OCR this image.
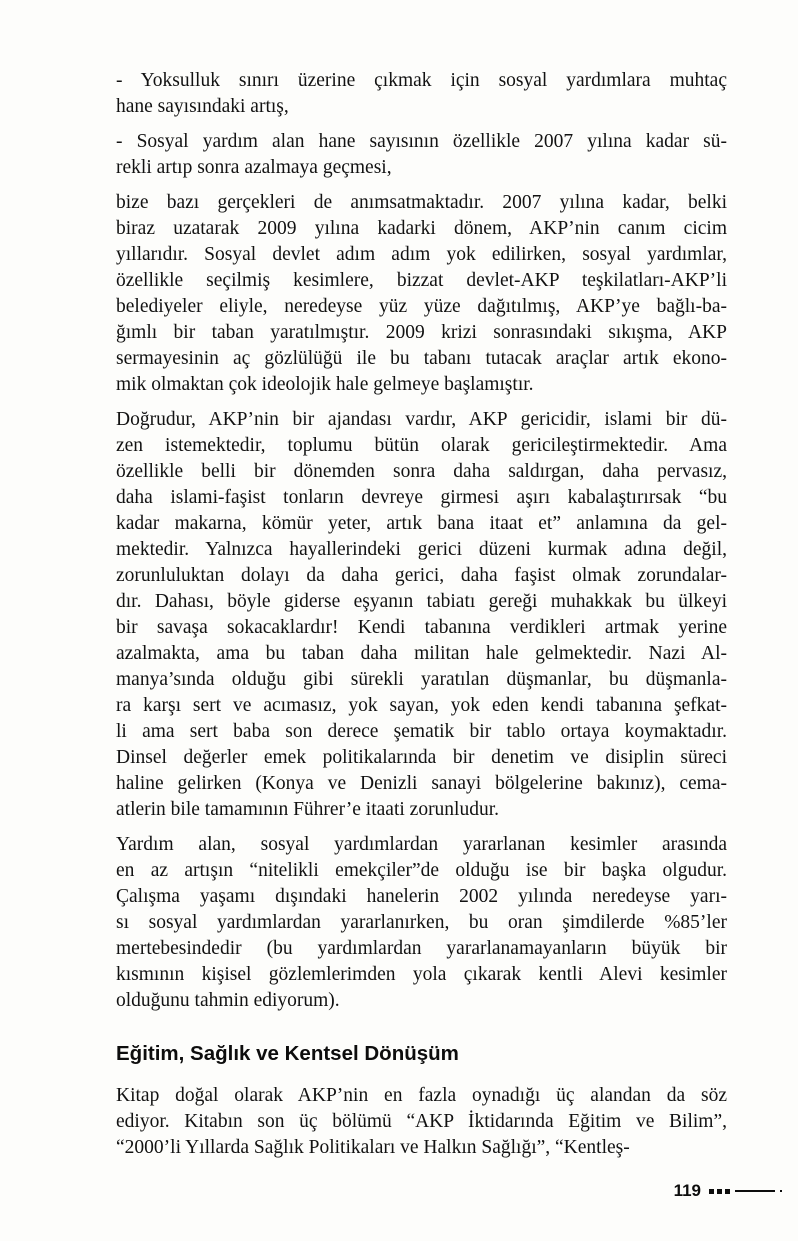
- Yoksulluk sınırı üzerine çıkmak için sosyal yardımlara muhtaç
hane sayısındaki artış,
- Sosyal yardım alan hane sayısının özellikle 2007 yılına kadar sü-
rekli artıp sonra azalmaya geçmesi,
bize bazı gerçekleri de anımsatmaktadır. 2007 yılına kadar, belki
biraz uzatarak 2009 yılına kadarki dönem, AKP’nin canım cicim
yıllarıdır. Sosyal devlet adım adım yok edilirken, sosyal yardımlar,
özellikle seçilmiş kesimlere, bizzat devlet-AKP teşkilatları-AKP’li
belediyeler eliyle, neredeyse yüz yüze dağıtılmış, AKP’ye bağlı-ba-
ğımlı bir taban yaratılmıştır. 2009 krizi sonrasındaki sıkışma, AKP
sermayesinin aç gözlülüğü ile bu tabanı tutacak araçlar artık ekono-
mik olmaktan çok ideolojik hale gelmeye başlamıştır.
Doğrudur, AKP’nin bir ajandası vardır, AKP gericidir, islami bir dü-
zen istemektedir, toplumu bütün olarak gericileştirmektedir. Ama
özellikle belli bir dönemden sonra daha saldırgan, daha pervasız,
daha islami-faşist tonların devreye girmesi aşırı kabalaştırırsak “bu
kadar makarna, kömür yeter, artık bana itaat et” anlamına da gel-
mektedir. Yalnızca hayallerindeki gerici düzeni kurmak adına değil,
zorunluluktan dolayı da daha gerici, daha faşist olmak zorundalar-
dır. Dahası, böyle giderse eşyanın tabiatı gereği muhakkak bu ülkeyi
bir savaşa sokacaklardır! Kendi tabanına verdikleri artmak yerine
azalmakta, ama bu taban daha militan hale gelmektedir. Nazi Al-
manya’sında olduğu gibi sürekli yaratılan düşmanlar, bu düşmanla-
ra karşı sert ve acımasız, yok sayan, yok eden kendi tabanına şefkat-
li ama sert baba son derece şematik bir tablo ortaya koymaktadır.
Dinsel değerler emek politikalarında bir denetim ve disiplin süreci
haline gelirken (Konya ve Denizli sanayi bölgelerine bakınız), cema-
atlerin bile tamamının Führer’e itaati zorunludur.
Yardım alan, sosyal yardımlardan yararlanan kesimler arasında
en az artışın “nitelikli emekçiler”de olduğu ise bir başka olgudur.
Çalışma yaşamı dışındaki hanelerin 2002 yılında neredeyse yarı-
sı sosyal yardımlardan yararlanırken, bu oran şimdilerde %85’ler
mertebesindedir (bu yardımlardan yararlanamayanların büyük bir
kısmının kişisel gözlemlerimden yola çıkarak kentli Alevi kesimler
olduğunu tahmin ediyorum).
Eğitim, Sağlık ve Kentsel Dönüşüm
Kitap doğal olarak AKP’nin en fazla oynadığı üç alandan da söz
ediyor. Kitabın son üç bölümü “AKP İktidarında Eğitim ve Bilim”,
“2000’li Yıllarda Sağlık Politikaları ve Halkın Sağlığı”, “Kentleş-
119
